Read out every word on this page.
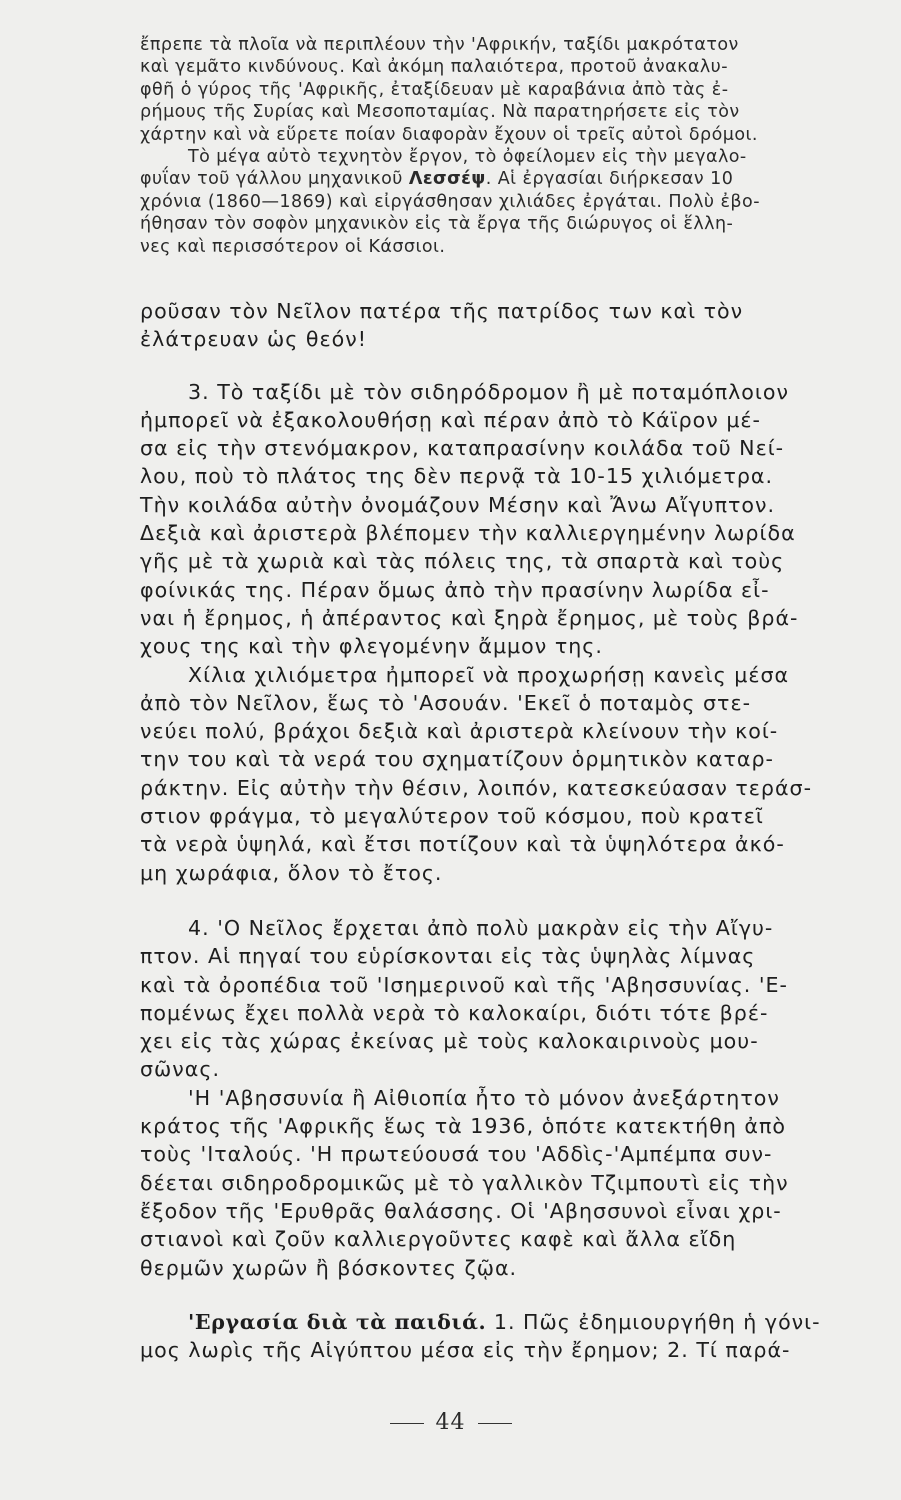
ἔπρεπε τὰ πλοῖα νὰ περιπλέουν τὴν 'Αφρικήν, ταξίδι μακρότατον
καὶ γεμᾶτο κινδύνους. Καὶ ἀκόμη παλαιότερα, προτοῦ ἀνακαλυ-
φθῆ ὁ γύρος τῆς 'Αφρικῆς, ἐταξίδευαν μὲ καραβάνια ἀπὸ τὰς ἐ-
ρήμους τῆς Συρίας καὶ Μεσοποταμίας. Νὰ παρατηρήσετε εἰς τὸν
χάρτην καὶ νὰ εὕρετε ποίαν διαφορὰν ἔχουν οἱ τρεῖς αὐτοὶ δρόμοι.
Τὸ μέγα αὐτὸ τεχνητὸν ἔργον, τὸ ὀφείλομεν εἰς τὴν μεγαλο-
φυΐαν τοῦ γάλλου μηχανικοῦ Λεσσέψ. Αἱ ἐργασίαι διήρκεσαν 10
χρόνια (1860—1869) καὶ εἰργάσθησαν χιλιάδες ἐργάται. Πολὺ ἐβο-
ήθησαν τὸν σοφὸν μηχανικὸν εἰς τὰ ἔργα τῆς διώρυγος οἱ ἕλλη-
νες καὶ περισσότερον οἱ Κάσσιοι.
ροῦσαν τὸν Νεῖλον πατέρα τῆς πατρίδος των καὶ τὸν
ἐλάτρευαν ὡς θεόν!
3. Τὸ ταξίδι μὲ τὸν σιδηρόδρομον ἢ μὲ ποταμόπλοιον
ἠμπορεῖ νὰ ἐξακολουθήσῃ καὶ πέραν ἀπὸ τὸ Κάϊρον μέ-
σα εἰς τὴν στενόμακρον, καταπρασίνην κοιλάδα τοῦ Νεί-
λου, ποὺ τὸ πλάτος της δὲν περνᾷ τὰ 10-15 χιλιόμετρα.
Τὴν κοιλάδα αὐτὴν ὀνομάζουν Μέσην καὶ Ἄνω Αἴγυπτον.
Δεξιὰ καὶ ἀριστερὰ βλέπομεν τὴν καλλιεργημένην λωρίδα
γῆς μὲ τὰ χωριὰ καὶ τὰς πόλεις της, τὰ σπαρτὰ καὶ τοὺς
φοίνικάς της. Πέραν ὅμως ἀπὸ τὴν πρασίνην λωρίδα εἶ-
ναι ἡ ἔρημος, ἡ ἀπέραντος καὶ ξηρὰ ἔρημος, μὲ τοὺς βρά-
χους της καὶ τὴν φλεγομένην ἄμμον της.
Χίλια χιλιόμετρα ἠμπορεῖ νὰ προχωρήσῃ κανεὶς μέσα
ἀπὸ τὸν Νεῖλον, ἕως τὸ 'Ασουάν. 'Εκεῖ ὁ ποταμὸς στε-
νεύει πολύ, βράχοι δεξιὰ καὶ ἀριστερὰ κλείνουν τὴν κοί-
την του καὶ τὰ νερά του σχηματίζουν ὁρμητικὸν καταρ-
ράκτην. Εἰς αὐτὴν τὴν θέσιν, λοιπόν, κατεσκεύασαν τεράσ-
στιον φράγμα, τὸ μεγαλύτερον τοῦ κόσμου, ποὺ κρατεῖ
τὰ νερὰ ὑψηλά, καὶ ἔτσι ποτίζουν καὶ τὰ ὑψηλότερα ἀκό-
μη χωράφια, ὅλον τὸ ἔτος.
4. 'Ο Νεῖλος ἔρχεται ἀπὸ πολὺ μακρὰν εἰς τὴν Αἴγυ-
πτον. Αἱ πηγαί του εὑρίσκονται εἰς τὰς ὑψηλὰς λίμνας
καὶ τὰ ὀροπέδια τοῦ 'Ισημερινοῦ καὶ τῆς 'Αβησσυνίας. 'Ε-
πομένως ἔχει πολλὰ νερὰ τὸ καλοκαίρι, διότι τότε βρέ-
χει εἰς τὰς χώρας ἐκείνας μὲ τοὺς καλοκαιρινοὺς μου-
σῶνας.
'Η 'Αβησσυνία ἢ Αἰθιοπία ἦτο τὸ μόνον ἀνεξάρτητον
κράτος τῆς 'Αφρικῆς ἕως τὰ 1936, ὁπότε κατεκτήθη ἀπὸ
τοὺς 'Ιταλούς. 'Η πρωτεύουσά του 'Αδδὶς-'Αμπέμπα συν-
δέεται σιδηροδρομικῶς μὲ τὸ γαλλικὸν Τζιμπουτὶ εἰς τὴν
ἔξοδον τῆς 'Ερυθρᾶς θαλάσσης. Οἱ 'Αβησσυνοὶ εἶναι χρι-
στιανοὶ καὶ ζοῦν καλλιεργοῦντες καφὲ καὶ ἄλλα εἴδη
θερμῶν χωρῶν ἢ βόσκοντες ζῷα.
'Εργασία διὰ τὰ παιδιά. 1. Πῶς ἐδημιουργήθη ἡ γόνι-
μος λωρὶς τῆς Αἰγύπτου μέσα εἰς τὴν ἔρημον; 2. Τί παρά-
44
